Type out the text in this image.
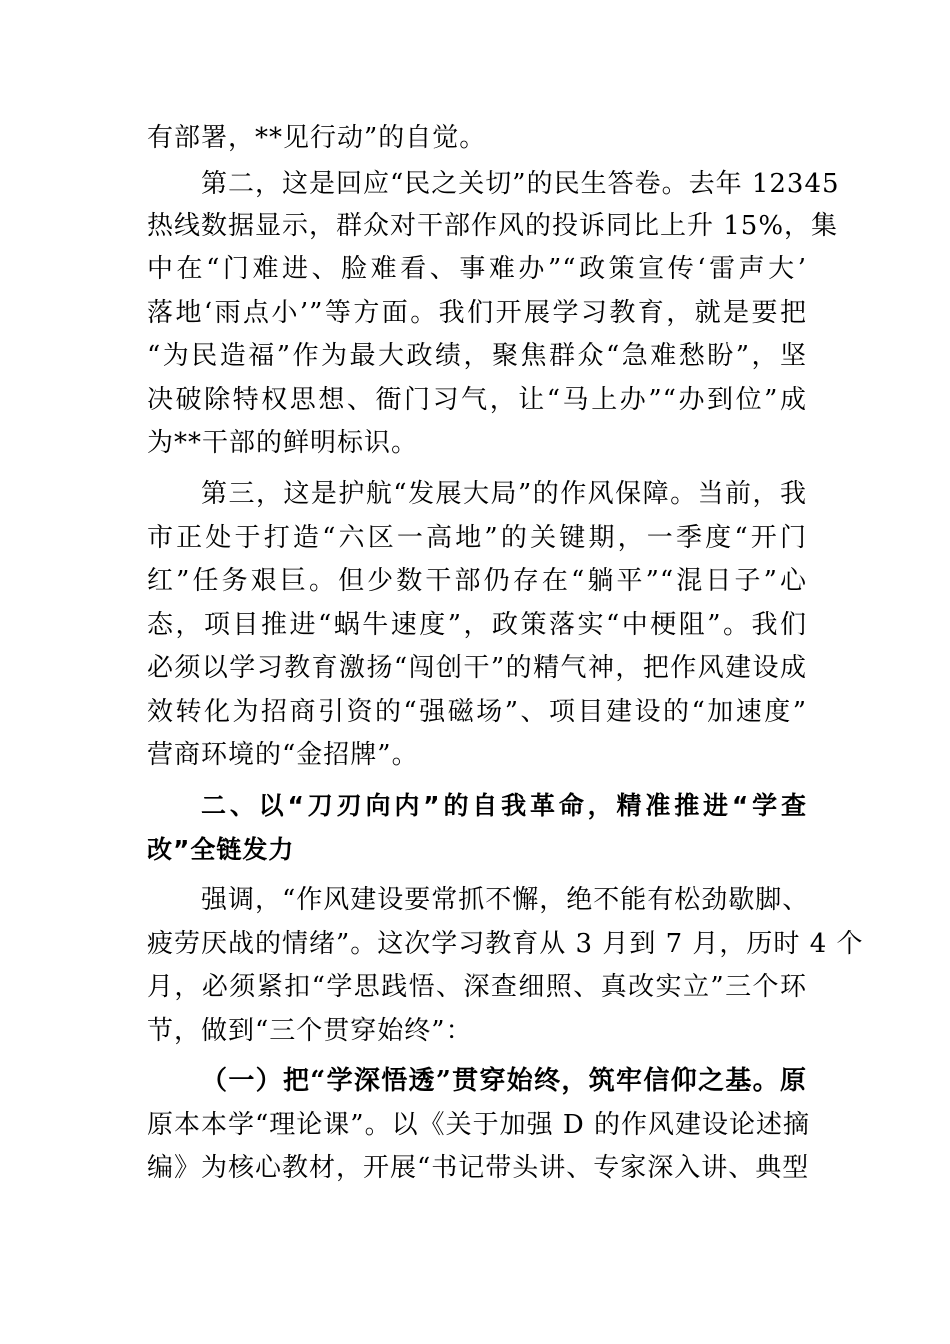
有部署，**见行动”的自觉。
第二，这是回应“民之关切”的民生答卷。去年 12345
热线数据显示，群众对干部作风的投诉同比上升 15%，集
中在“门难进、脸难看、事难办”“政策宣传‘雷声大’
落地‘雨点小’”等方面。我们开展学习教育，就是要把
“为民造福”作为最大政绩，聚焦群众“急难愁盼”，坚
决破除特权思想、衙门习气，让“马上办”“办到位”成
为**干部的鲜明标识。
第三，这是护航“发展大局”的作风保障。当前，我
市正处于打造“六区一高地”的关键期，一季度“开门
红”任务艰巨。但少数干部仍存在“躺平”“混日子”心
态，项目推进“蜗牛速度”，政策落实“中梗阻”。我们
必须以学习教育激扬“闯创干”的精气神，把作风建设成
效转化为招商引资的“强磁场”、项目建设的“加速度”
营商环境的“金招牌”。
二、以“刀刃向内”的自我革命，精准推进“学查
改”全链发力
强调，“作风建设要常抓不懈，绝不能有松劲歇脚、
疲劳厌战的情绪”。这次学习教育从 3 月到 7 月，历时 4 个
月，必须紧扣“学思践悟、深查细照、真改实立”三个环
节，做到“三个贯穿始终”：
（一）把“学深悟透”贯穿始终，筑牢信仰之基。原
原本本学“理论课”。以《关于加强 D 的作风建设论述摘
编》为核心教材，开展“书记带头讲、专家深入讲、典型
